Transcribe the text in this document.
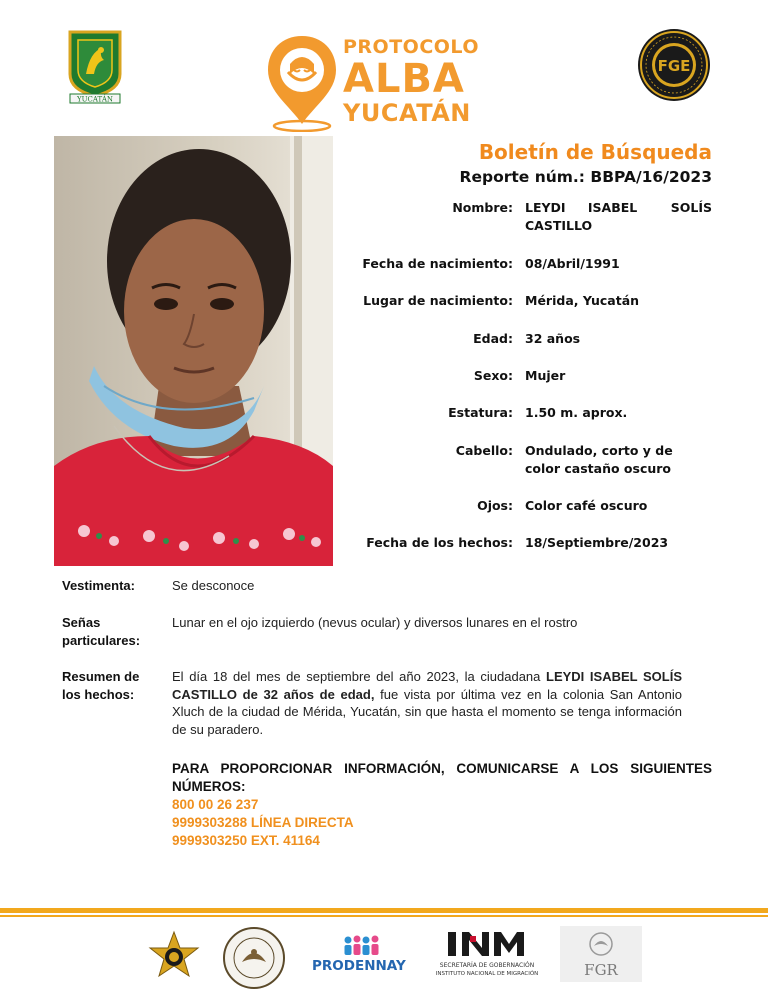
YUCATÁN
PROTOCOLO
ALBA
YUCATÁN
FGE
Boletín de Búsqueda
Reporte núm.: BBPA/16/2023
Nombre: LEYDI  ISABEL   SOLÍS
CASTILLO
Fecha de nacimiento: 08/Abril/1991
Lugar de nacimiento: Mérida, Yucatán
Edad: 32 años
Sexo: Mujer
Estatura: 1.50 m. aprox.
Cabello: Ondulado, corto y de color castaño oscuro
Ojos: Color café oscuro
Fecha de los hechos: 18/Septiembre/2023
Vestimenta:	Se desconoce
Señas particulares:
Lunar en el ojo izquierdo (nevus ocular) y diversos lunares en el rostro
Resumen de los hechos:
El día 18 del mes de septiembre del año 2023, la ciudadana LEYDI ISABEL SOLÍS CASTILLO de 32 años de edad, fue vista por última vez en la colonia San Antonio Xluch de la ciudad de Mérida, Yucatán, sin que hasta el momento se tenga información de su paradero.
PARA PROPORCIONAR INFORMACIÓN, COMUNICARSE A LOS SIGUIENTES NÚMEROS:
800 00 26 237
9999303288 LÍNEA DIRECTA
9999303250 EXT. 41164
PRODENNAY	SECRETARÍA DE GOBERNACIÓN
INSTITUTO NACIONAL DE MIGRACIÓN	FGR
